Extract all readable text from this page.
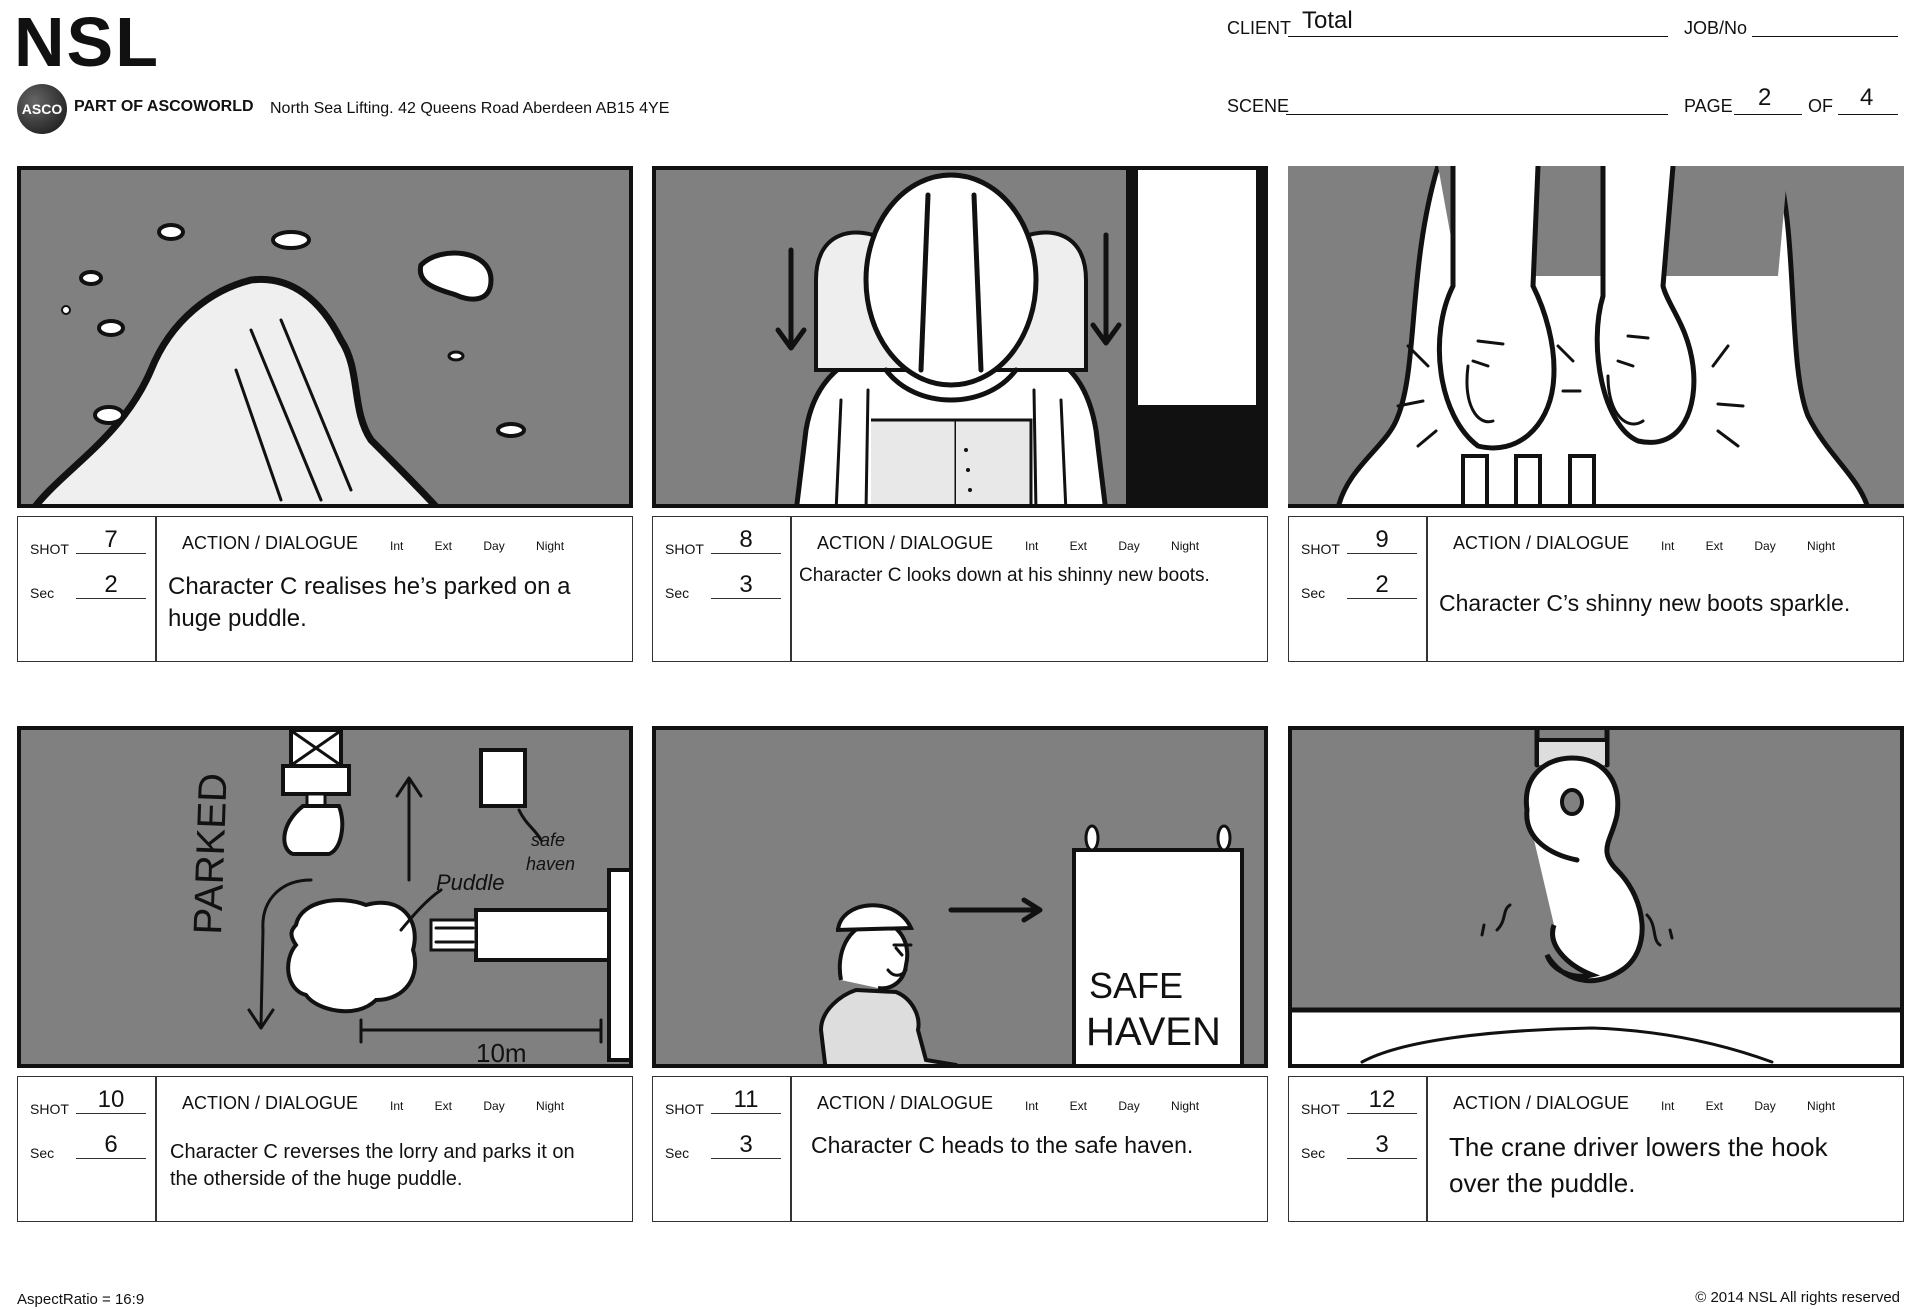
NSL
ASCO PART OF ASCOWORLD North Sea Lifting. 42 Queens Road Aberdeen AB15 4YE
CLIENT Total	JOB/No
SCENE	PAGE 2 OF 4
SHOT	7
Sec	2
ACTION / DIALOGUE	Int Ext Day Night
Character C realises he’s parked on a huge puddle.
SHOT	8
Sec	3
ACTION / DIALOGUE	Int Ext Day Night
Character C looks down at his shinny new boots.
SHOT	9
Sec	2
ACTION / DIALOGUE	Int Ext Day Night
Character C’s shinny new boots sparkle.
PARKED	Puddle
safe
haven
10m
SHOT	10
Sec	6
ACTION / DIALOGUE	Int Ext Day Night
Character C reverses the lorry and parks it on the otherside of the huge puddle.
SAFE
HAVEN
SHOT	11
Sec	3
ACTION / DIALOGUE	Int Ext Day Night
Character C heads to the safe haven.
SHOT	12
Sec	3
ACTION / DIALOGUE	Int Ext Day Night
The crane driver lowers the hook over the puddle.
AspectRatio = 16:9	© 2014 NSL All rights reserved
